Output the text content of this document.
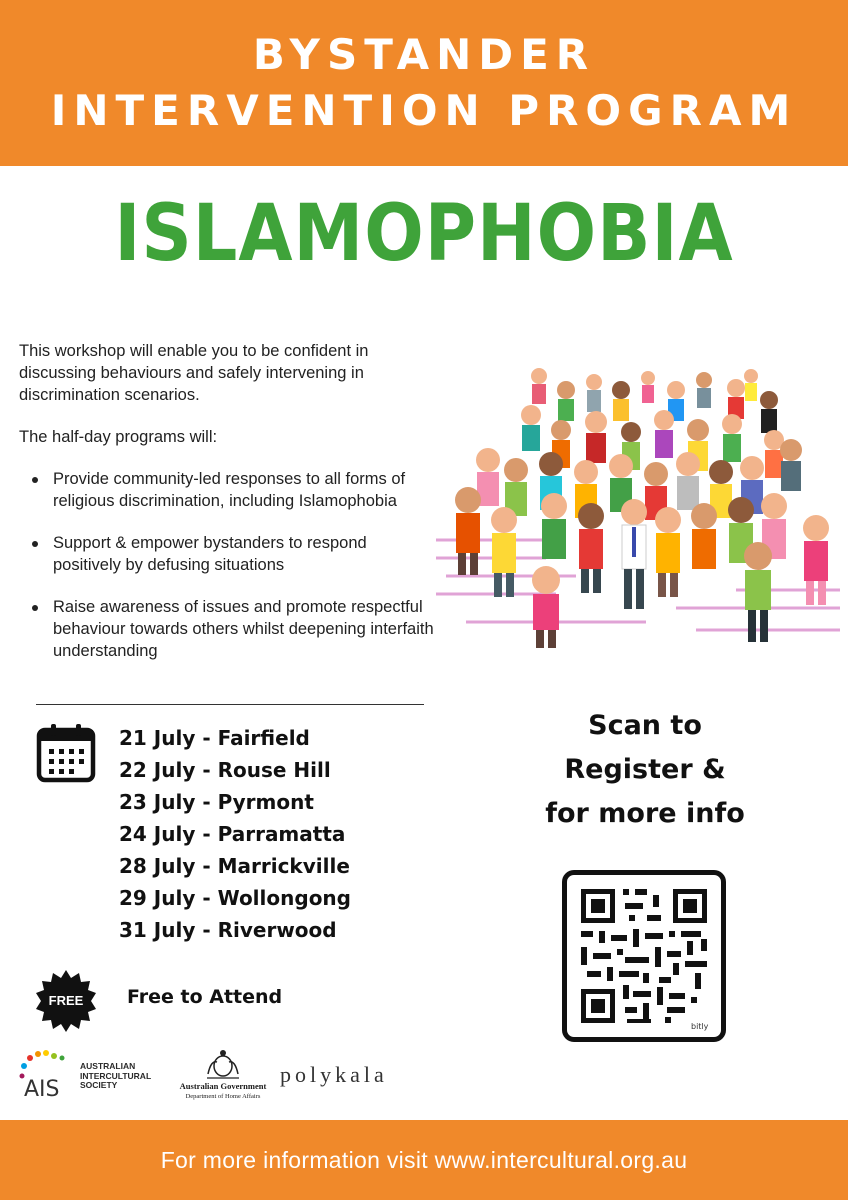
BYSTANDER
INTERVENTION PROGRAM
ISLAMOPHOBIA

This workshop will enable you to be confident in discussing behaviours and safely intervening in discrimination scenarios.

The half-day programs will:

Provide community-led responses to all forms of religious discrimination, including Islamophobia
Support & empower bystanders to respond positively by defusing situations
Raise awareness of issues and promote respectful behaviour towards others whilst deepening interfaith understanding
21 July - Fairfield
22 July - Rouse Hill
23 July - Pyrmont
24 July - Parramatta
28 July - Marrickville
29 July - Wollongong
31 July - Riverwood
FREE	Free to Attend
AIS
AUSTRALIAN INTERCULTURAL SOCIETY	Australian Government
Department of Home Affairs
polykala
Scan to
Register &
for more info
bitly
For more information visit www.intercultural.org.au
